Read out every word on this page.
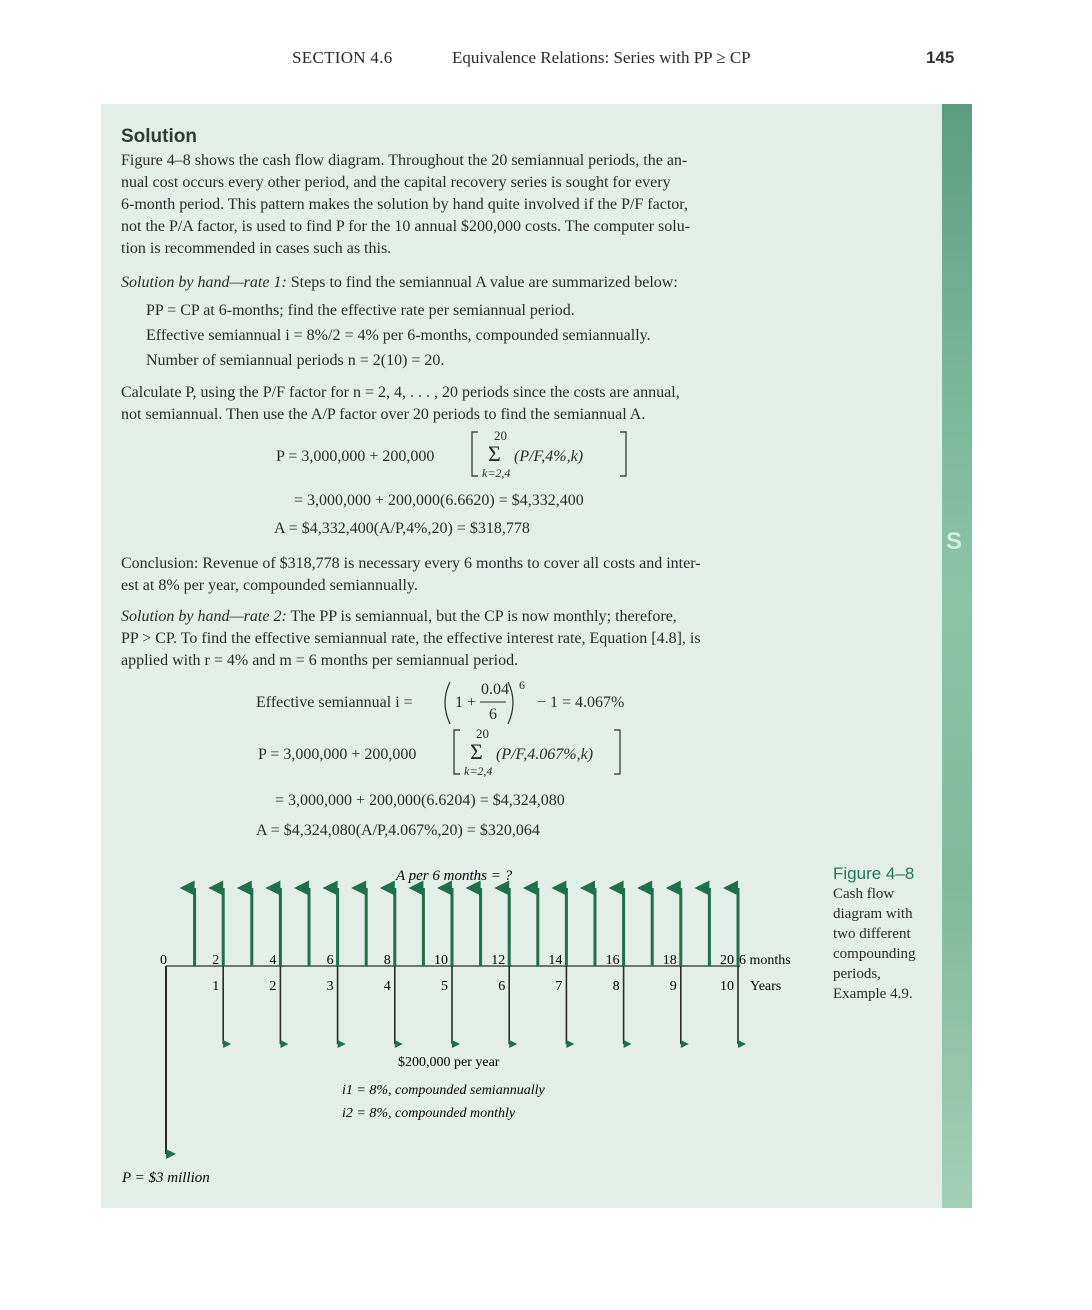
SECTION 4.6	Equivalence Relations: Series with PP ≥ CP	145
S
Solution
Figure 4–8 shows the cash flow diagram. Throughout the 20 semiannual periods, the an-
nual cost occurs every other period, and the capital recovery series is sought for every
6-month period. This pattern makes the solution by hand quite involved if the P/F factor,
not the P/A factor, is used to find P for the 10 annual $200,000 costs. The computer solu-
tion is recommended in cases such as this.
Solution by hand—rate 1: Steps to find the semiannual A value are summarized below:
PP = CP at 6-months; find the effective rate per semiannual period.
Effective semiannual i = 8%/2 = 4% per 6-months, compounded semiannually.
Number of semiannual periods n = 2(10) = 20.
Calculate P, using the P/F factor for n = 2, 4, . . . , 20 periods since the costs are annual,
not semiannual. Then use the A/P factor over 20 periods to find the semiannual A.
P = 3,000,000 + 200,000
20
Σ
k=2,4
(P/F,4%,k)
= 3,000,000 + 200,000(6.6620) = $4,332,400
A = $4,332,400(A/P,4%,20) = $318,778
Conclusion: Revenue of $318,778 is necessary every 6 months to cover all costs and inter-
est at 8% per year, compounded semiannually.
Solution by hand—rate 2: The PP is semiannual, but the CP is now monthly; therefore,
PP > CP. To find the effective semiannual rate, the effective interest rate, Equation [4.8], is
applied with r = 4% and m = 6 months per semiannual period.
Effective semiannual i =	1 +
0.04
6
6
− 1 = 4.067%
P = 3,000,000 + 200,000
20
Σ
k=2,4
(P/F,4.067%,k)
= 3,000,000 + 200,000(6.6204) = $4,324,080
A = $4,324,080(A/P,4.067%,20) = $320,064
Figure 4–8
Cash flow
diagram with
two different
compounding
periods,
Example 4.9.
A per 6 months = ?
0	2	4	6	8	10	12	14	16	18	20
1	2	3	4	5	6	7	8	9	10
6 months
Years
$200,000 per year
i1 = 8%, compounded semiannually
i2 = 8%, compounded monthly
P = $3 million
